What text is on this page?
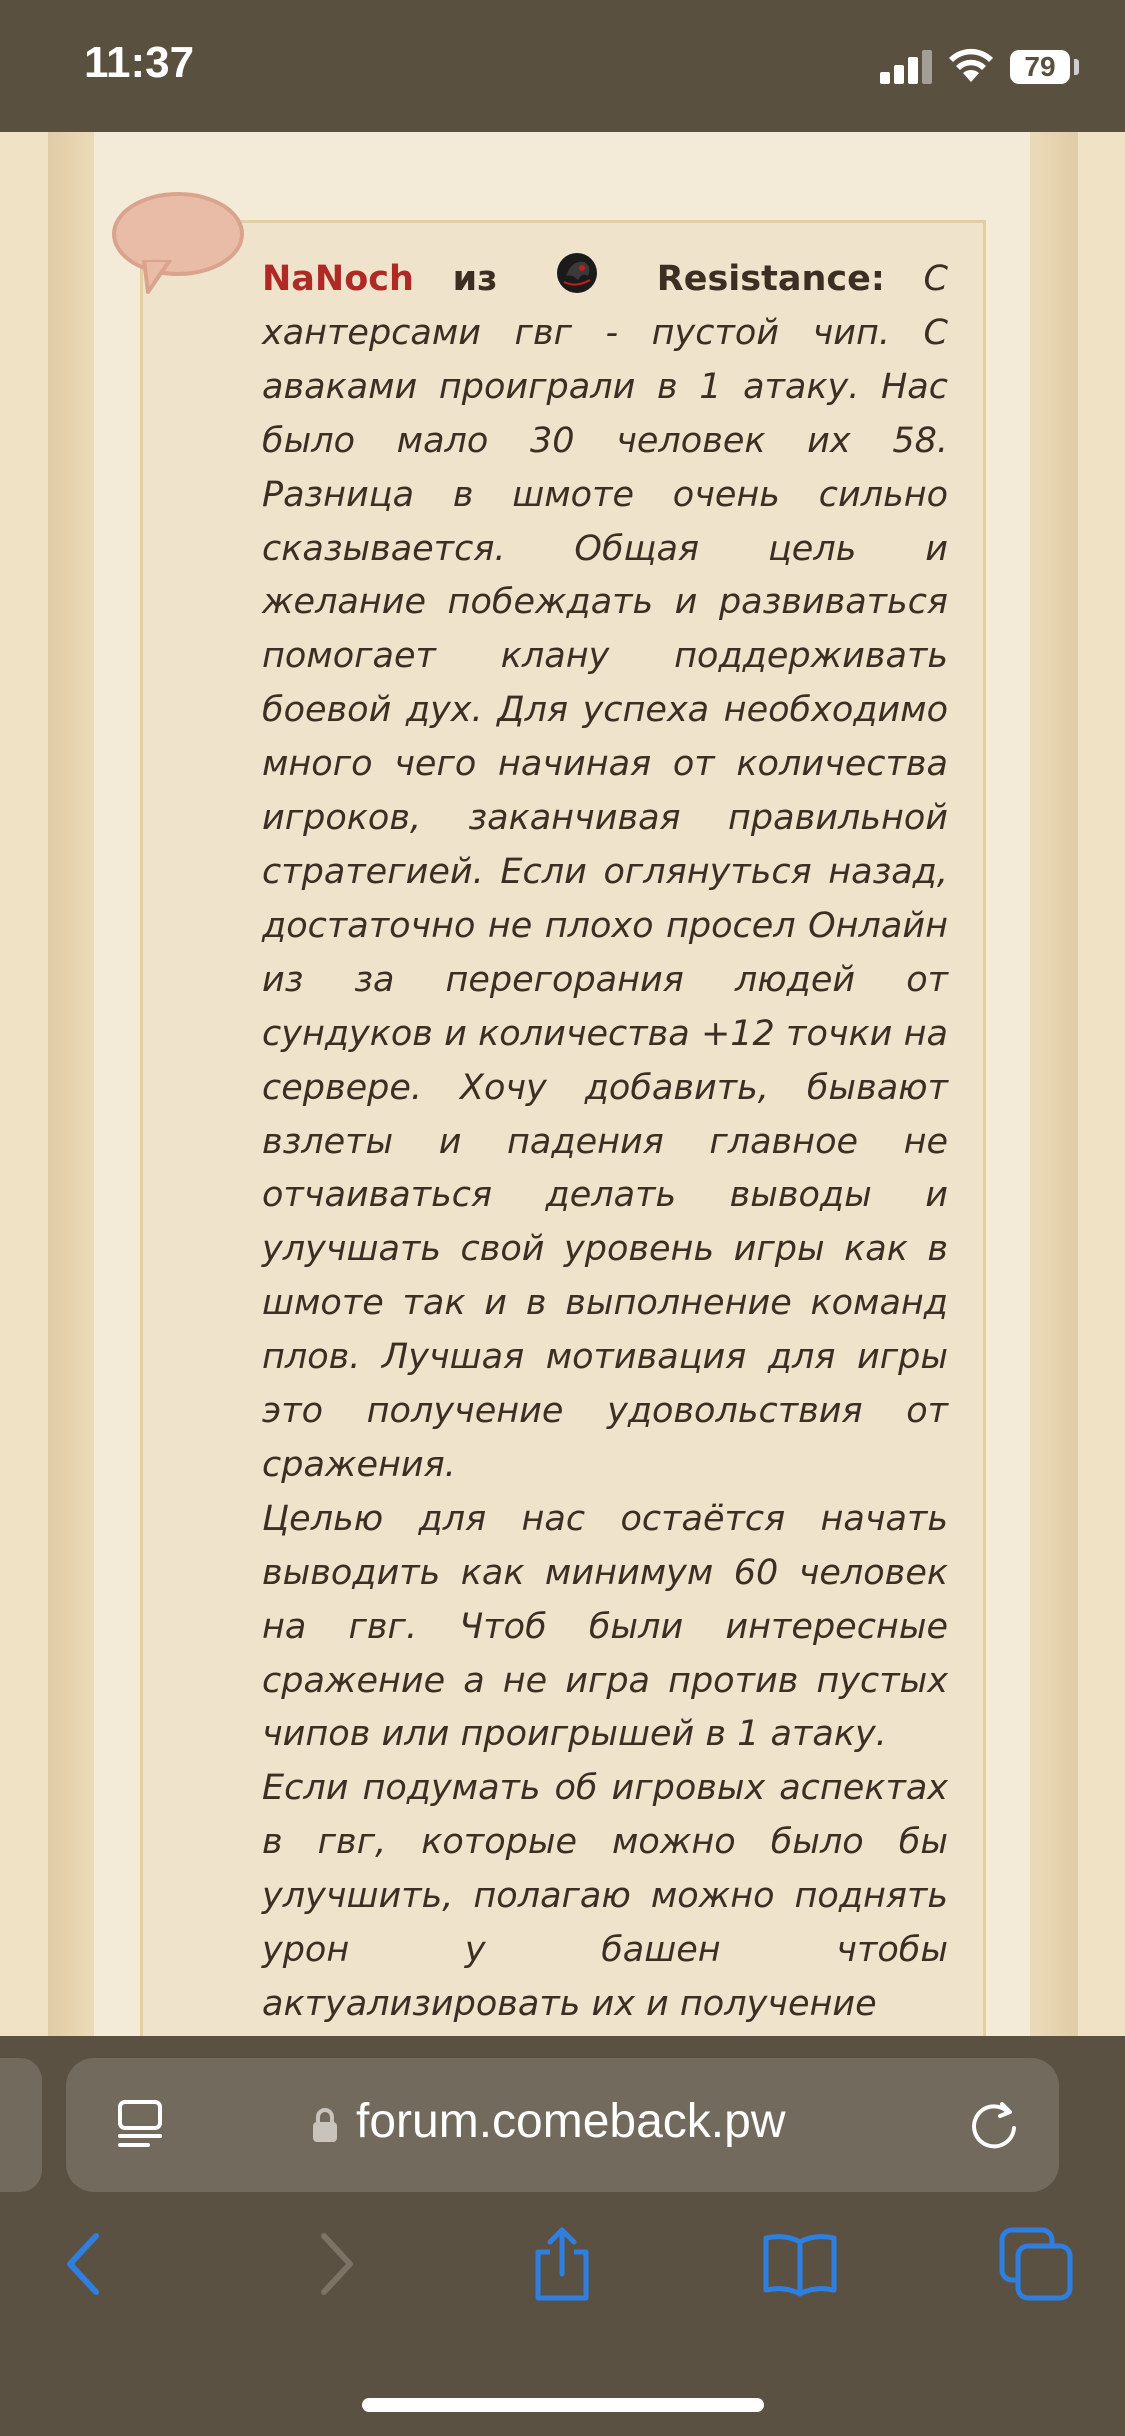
11:37	79

NaNoch из	Resistance: С хантерсами гвг - пустой чип. С аваками проиграли в 1 атаку. Нас было мало 30 человек их 58. Разница в шмоте очень сильно сказывается. Общая цель и желание побеждать и развиваться помогает клану поддерживать боевой дух. Для успеха необходимо много чего начиная от количества игроков, заканчивая правильной стратегией. Если оглянуться назад, достаточно не плохо просел Онлайн из за перегорания людей от сундуков и количества +12 точки на сервере. Хочу добавить, бывают взлеты и падения главное не отчаиваться делать выводы и улучшать свой уровень игры как в шмоте так и в выполнение команд плов. Лучшая мотивация для игры это получение удовольствия от сражения.

Целью для нас остаётся начать выводить как минимум 60 человек на гвг. Чтоб были интересные сражение а не игра против пустых чипов или проигрышей в 1 атаку.

Если подумать об игровых аспектах в гвг, которые можно было бы улучшить, полагаю можно поднять урон у башен чтобы актуализировать их и получение

forum.comeback.pw
